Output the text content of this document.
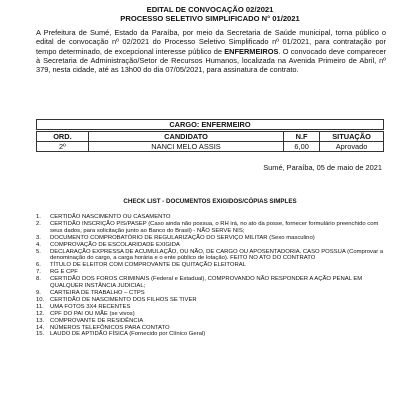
EDITAL DE CONVOCAÇÃO 02/2021
PROCESSO SELETIVO SIMPLIFICADO N° 01/2021

A Prefeitura de Sumé, Estado da Paraíba, por meio da Secretaria de Saúde municipal, torna público o edital de convocação nº 02/2021 do Processo Seletivo Simplificado nº 01/2021, para contratação por tempo determinado, de excepcional interesse público de ENFERMEIROS. O convocado deve comparecer à Secretaria de Administração/Setor de Recursos Humanos, localizada na Avenida Primeiro de Abril, nº 379, nesta cidade, até as 13h00 do dia 07/05/2021, para assinatura de contrato.

CARGO: ENFERMEIRO
ORD.	CANDIDATO	N.F	SITUAÇÃO
2º	NANCI MELO ASSIS	6,00	Aprovado
Sumé, Paraíba, 05 de maio de 2021
CHECK LIST - DOCUMENTOS EXIGIDOS/CÓPIAS SIMPLES
1.	CERTIDÃO NASCIMENTO OU CASAMENTO
2.	CERTIDÃO INSCRIÇÃO PIS/PASEP (Caso ainda não possua, o RH irá, no ato da posse, fornecer formulário preenchido com seus dados, para solicitação junto ao Banco do Brasil) - NÃO SERVE NIS;
3.	DOCUMENTO COMPROBATÓRIO DE REGULARIZAÇÃO DO SERVIÇO MILITAR (Sexo masculino)
4.	COMPROVAÇÃO DE ESCOLARIDADE EXIGIDA
5.	DECLARAÇÃO EXPRESSA DE ACUMULAÇÃO, OU NÃO, DE CARGO OU APOSENTADORIA. CASO POSSUA (Comprovar a denominação do cargo, a carga horária e o ente público de lotação). FEITO NO ATO DO CONTRATO
6.	TÍTULO DE ELEITOR COM COMPROVANTE DE QUITAÇÃO ELEITORAL
7.	RG E CPF
8.	CERTIDÃO DOS FOROS CRIMINAIS (Federal e Estadual), COMPROVANDO NÃO RESPONDER A AÇÃO PENAL EM QUALQUER INSTÂNCIA JUDICIAL;
9.	CARTEIRA DE TRABALHO – CTPS
10. CERTIDÃO DE NASCIMENTO DOS FILHOS SE TIVER
11.	UMA FOTOS 3X4 RECENTES
12. CPF DO PAI OU MÃE (se vivos)
13. COMPROVANTE DE RESIDÊNCIA
14. NÚMEROS TELEFÔNICOS PARA CONTATO
15. LAUDO DE APTIDÃO FÍSICA (Fornecido por Clínico Geral)
